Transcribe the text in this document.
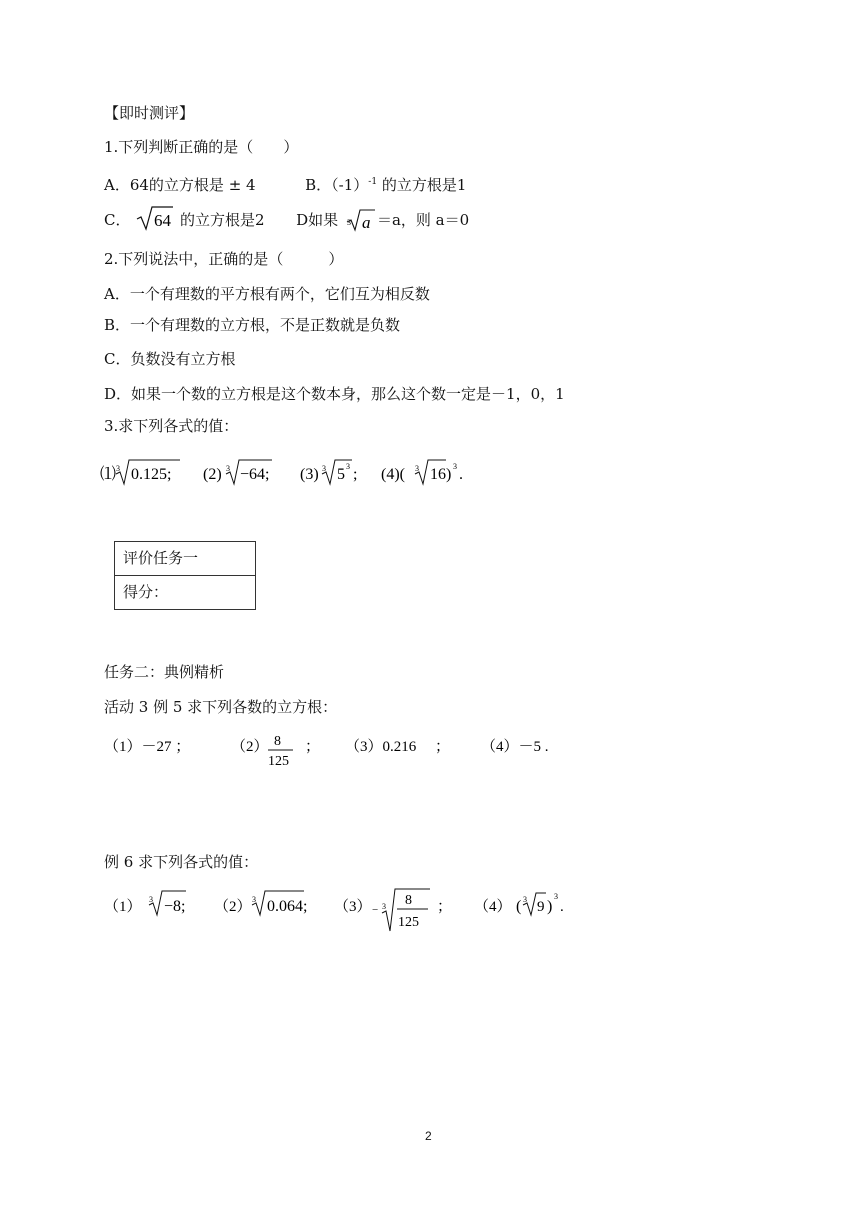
【即时测评】
1.下列判断正确的是（　　）
A．64的立方根是 ± 4	B．$(-1)^{-1}$ 的立方根是1
C． 64 的立方根是2 D如果 3 a ＝a，则 a＝0
2.下列说法中，正确的是（　　　）
A．一个有理数的平方根有两个，它们互为相反数
B．一个有理数的立方根，不是正数就是负数
C．负数没有立方根
D．如果一个数的立方根是这个数本身，那么这个数一定是－1，0，1
3.求下列各式的值：
⑴ 3 0.125; (2) 3 −64; (3) 3 5 3 ; (4)( 3 16 ) 3 .
评价任务一
得分：
任务二：典例精析
活动 3 例 5 求下列各数的立方根：
（1）－27 ；	（2） 8
125
； （3）0.216 　； （4）－5 .
例 6 求下列各式的值：
（1） 3 −8; （2） 3 0.064; （3） − 3 8
125
； （4） ( 3 9 )
3
.
2
